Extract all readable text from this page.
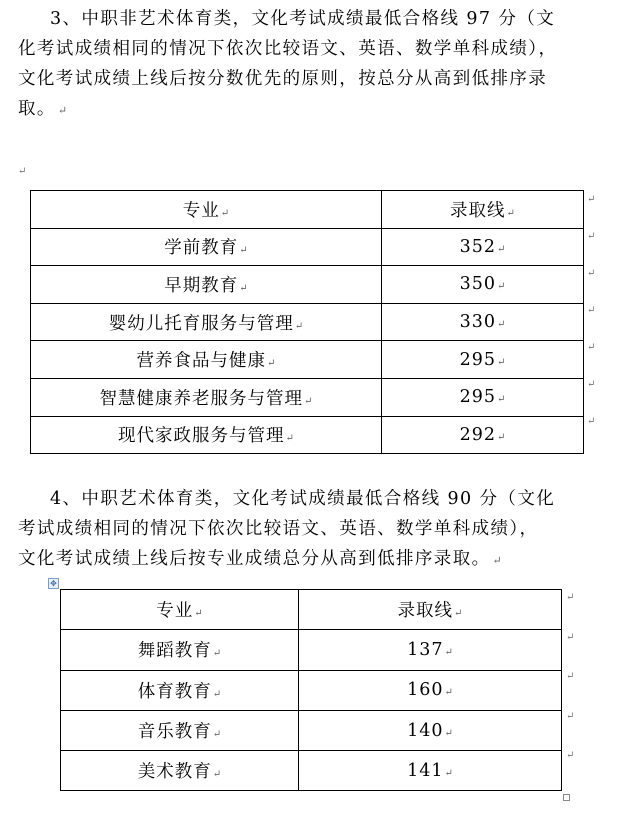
3、中职非艺术体育类，文化考试成绩最低合格线 97 分（文
化考试成绩相同的情况下依次比较语文、英语、数学单科成绩），
文化考试成绩上线后按分数优先的原则，按总分从高到低排序录
取。 ↵
↵
专业↵	录取线↵
学前教育↵	352↵
早期教育↵	350↵
婴幼儿托育服务与管理↵	330↵
营养食品与健康↵	295↵
智慧健康养老服务与管理↵	295↵
现代家政服务与管理↵	292↵
↵
↵
↵
↵
↵
↵
↵
4、中职艺术体育类，文化考试成绩最低合格线 90 分（文化
考试成绩相同的情况下依次比较语文、英语、数学单科成绩），
文化考试成绩上线后按专业成绩总分从高到低排序录取。 ↵
✥
专业↵	录取线↵
舞蹈教育↵	137↵
体育教育↵	160↵
音乐教育↵	140↵
美术教育↵	141↵
↵
↵
↵
↵
↵
